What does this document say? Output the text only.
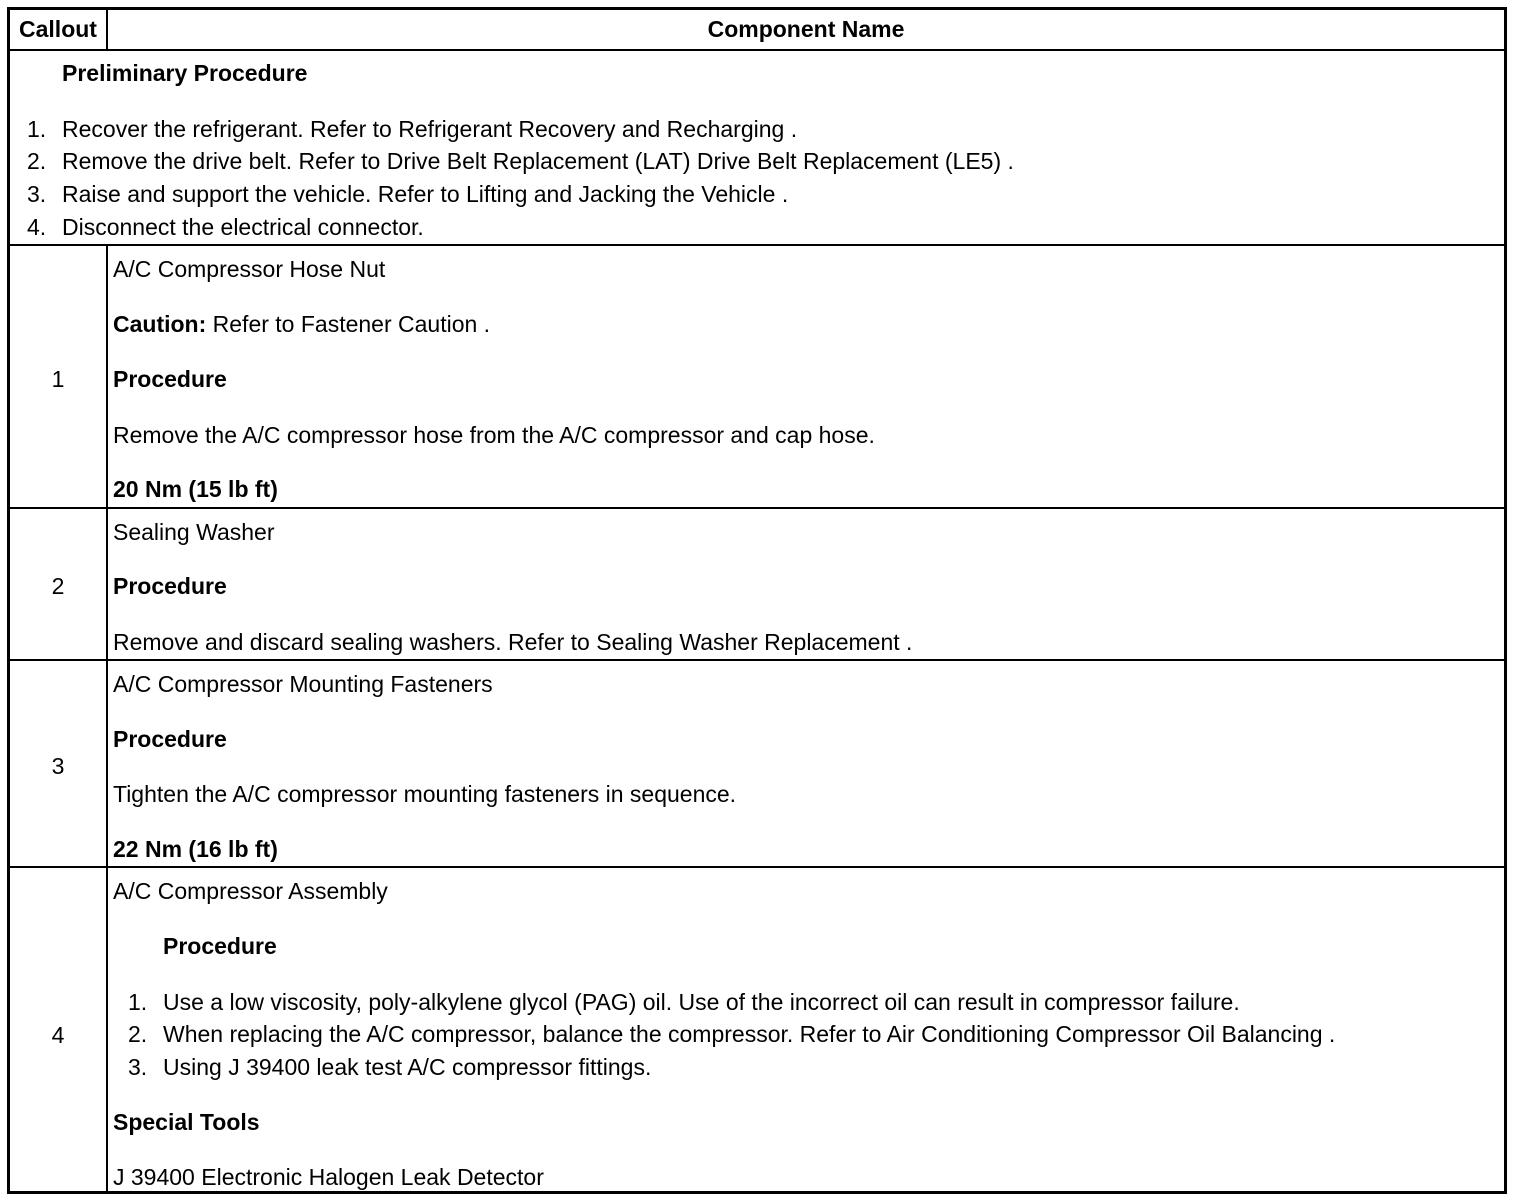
Callout	Component Name
Preliminary Procedure
1. Recover the refrigerant. Refer to Refrigerant Recovery and Recharging .
2. Remove the drive belt. Refer to Drive Belt Replacement (LAT) Drive Belt Replacement (LE5) .
3. Raise and support the vehicle. Refer to Lifting and Jacking the Vehicle .
4. Disconnect the electrical connector.
1
A/C Compressor Hose Nut
Caution: Refer to Fastener Caution .
Procedure
Remove the A/C compressor hose from the A/C compressor and cap hose.
20 Nm (15 lb ft)
2
Sealing Washer
Procedure
Remove and discard sealing washers. Refer to Sealing Washer Replacement .
3
A/C Compressor Mounting Fasteners
Procedure
Tighten the A/C compressor mounting fasteners in sequence.
22 Nm (16 lb ft)
4
A/C Compressor Assembly
Procedure
1. Use a low viscosity, poly-alkylene glycol (PAG) oil. Use of the incorrect oil can result in compressor failure.
2. When replacing the A/C compressor, balance the compressor. Refer to Air Conditioning Compressor Oil Balancing .
3. Using J 39400 leak test A/C compressor fittings.
Special Tools
J 39400 Electronic Halogen Leak Detector
